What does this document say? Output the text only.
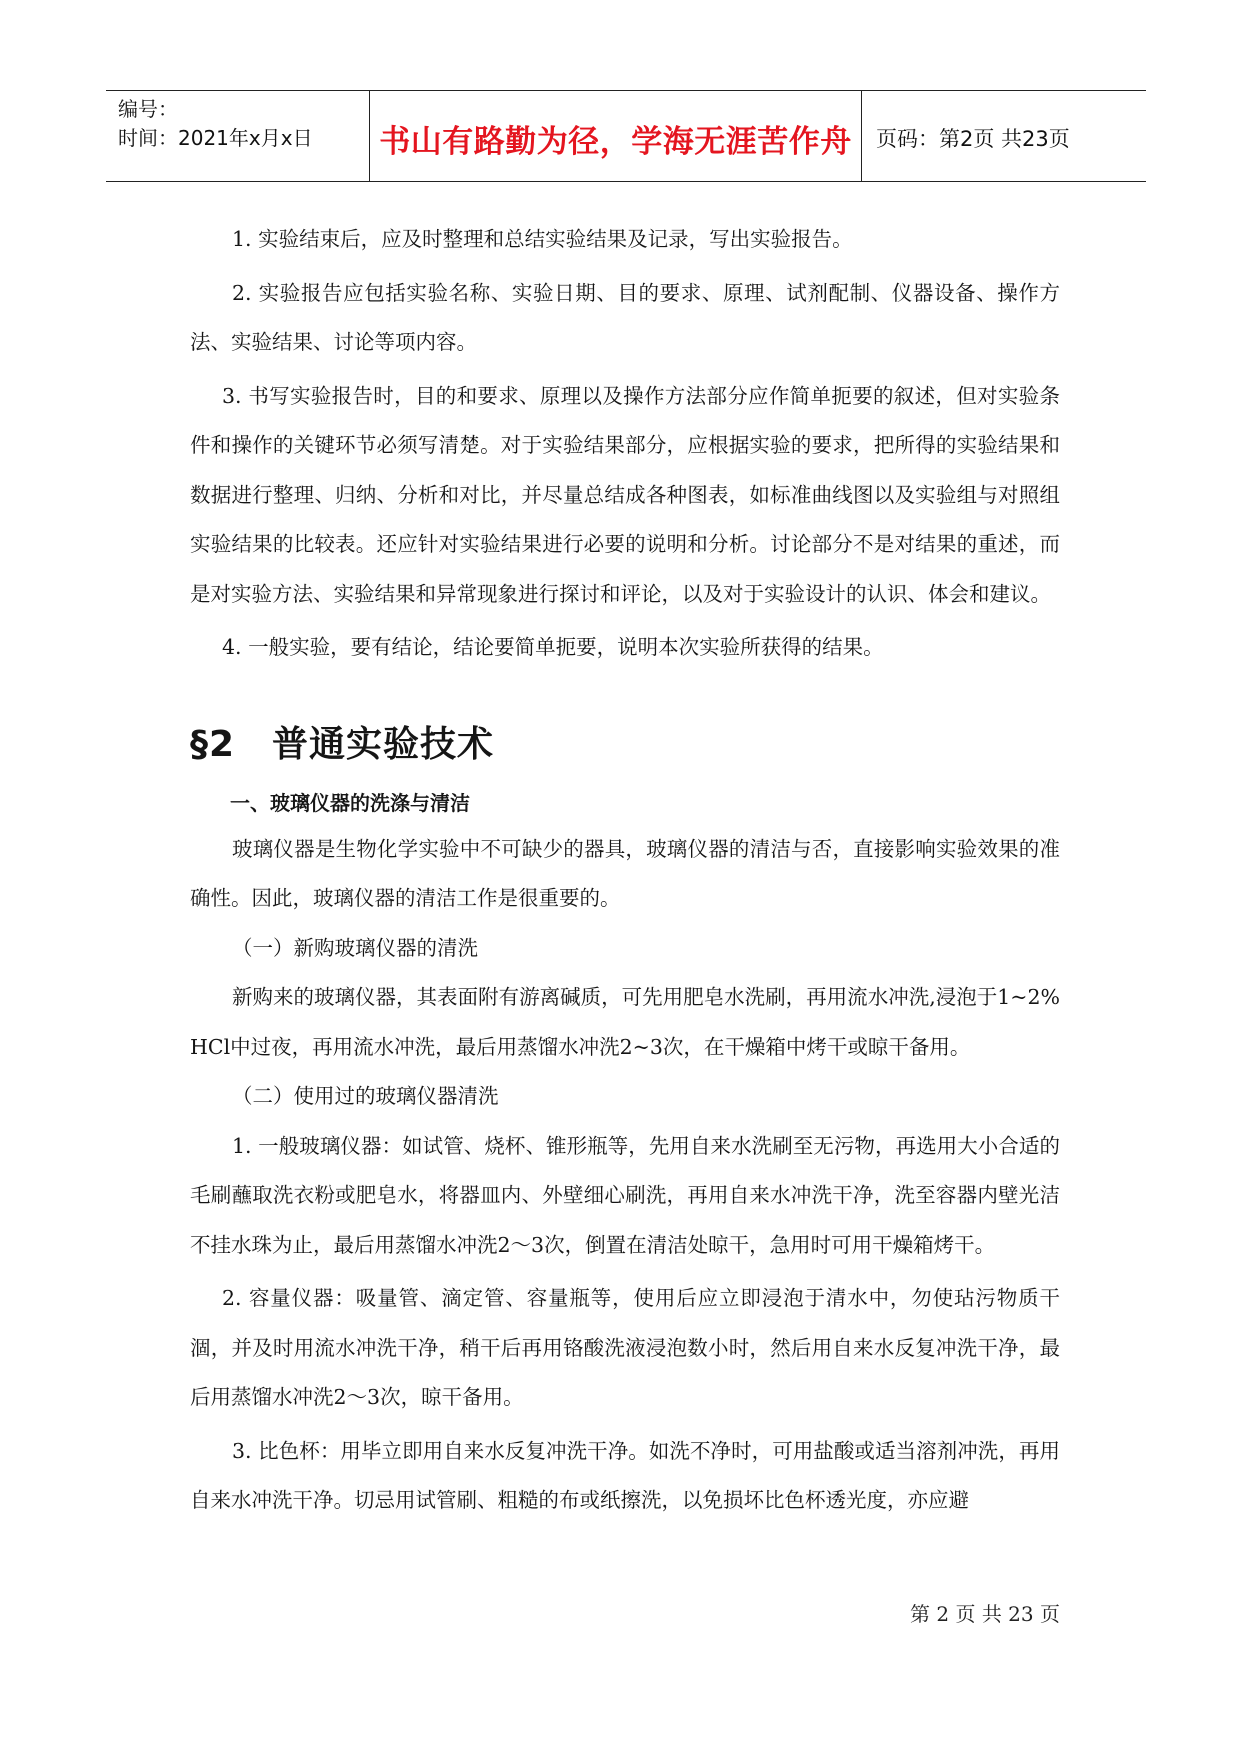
编号：
时间：2021年x月x日	书山有路勤为径，学海无涯苦作舟	页码：第2页 共23页

1. 实验结束后，应及时整理和总结实验结果及记录，写出实验报告。

2. 实验报告应包括实验名称、实验日期、目的要求、原理、试剂配制、仪器设备、操作方法、实验结果、讨论等项内容。

3. 书写实验报告时，目的和要求、原理以及操作方法部分应作简单扼要的叙述，但对实验条件和操作的关键环节必须写清楚。对于实验结果部分，应根据实验的要求，把所得的实验结果和数据进行整理、归纳、分析和对比，并尽量总结成各种图表，如标准曲线图以及实验组与对照组实验结果的比较表。还应针对实验结果进行必要的说明和分析。讨论部分不是对结果的重述，而是对实验方法、实验结果和异常现象进行探讨和评论，以及对于实验设计的认识、体会和建议。

4. 一般实验，要有结论，结论要简单扼要，说明本次实验所获得的结果。

§2　普通实验技术

一、玻璃仪器的洗涤与清洁

玻璃仪器是生物化学实验中不可缺少的器具，玻璃仪器的清洁与否，直接影响实验效果的准确性。因此，玻璃仪器的清洁工作是很重要的。

（一）新购玻璃仪器的清洗

新购来的玻璃仪器，其表面附有游离碱质，可先用肥皂水洗刷，再用流水冲洗,浸泡于1~2% HCl中过夜，再用流水冲洗，最后用蒸馏水冲洗2~3次，在干燥箱中烤干或晾干备用。

（二）使用过的玻璃仪器清洗

1. 一般玻璃仪器：如试管、烧杯、锥形瓶等，先用自来水洗刷至无污物，再选用大小合适的毛刷蘸取洗衣粉或肥皂水，将器皿内、外壁细心刷洗，再用自来水冲洗干净，洗至容器内壁光洁不挂水珠为止，最后用蒸馏水冲洗2～3次，倒置在清洁处晾干，急用时可用干燥箱烤干。

2. 容量仪器：吸量管、滴定管、容量瓶等，使用后应立即浸泡于清水中，勿使玷污物质干涸，并及时用流水冲洗干净，稍干后再用铬酸洗液浸泡数小时，然后用自来水反复冲洗干净，最后用蒸馏水冲洗2～3次，晾干备用。

3. 比色杯：用毕立即用自来水反复冲洗干净。如洗不净时，可用盐酸或适当溶剂冲洗，再用自来水冲洗干净。切忌用试管刷、粗糙的布或纸擦洗，以免损坏比色杯透光度，亦应避

第 2 页 共 23 页
